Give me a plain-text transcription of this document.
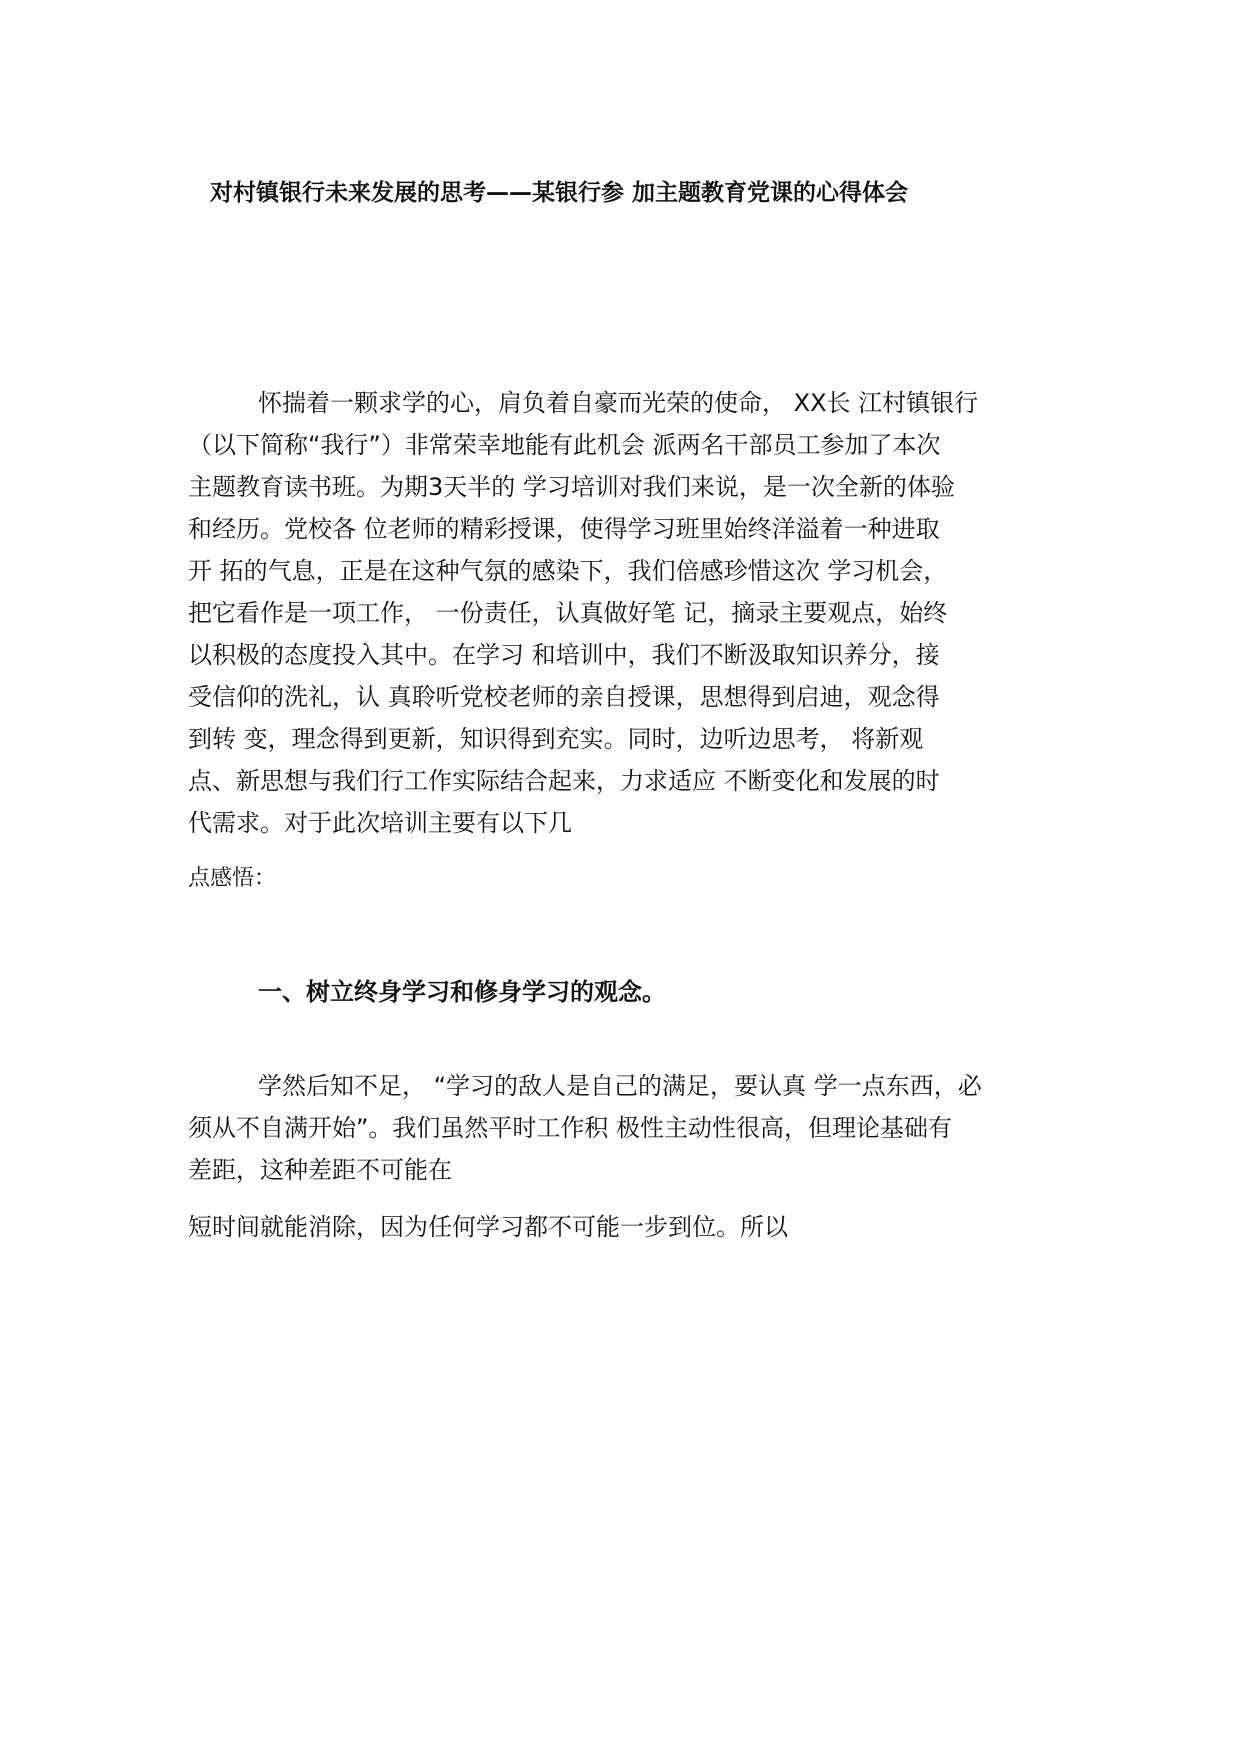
对村镇银行未来发展的思考——某银行参 加主题教育党课的心得体会
怀揣着一颗求学的心，肩负着自豪而光荣的使命， XX长 江村镇银行
（以下简称“我行”）非常荣幸地能有此机会 派两名干部员工参加了本次
主题教育读书班。为期3天半的 学习培训对我们来说，是一次全新的体验
和经历。党校各 位老师的精彩授课，使得学习班里始终洋溢着一种进取
开 拓的气息，正是在这种气氛的感染下，我们倍感珍惜这次 学习机会，
把它看作是一项工作， 一份责任，认真做好笔 记，摘录主要观点，始终
以积极的态度投入其中。在学习 和培训中，我们不断汲取知识养分，接
受信仰的洗礼，认 真聆听党校老师的亲自授课，思想得到启迪，观念得
到转 变，理念得到更新，知识得到充实。同时，边听边思考， 将新观
点、新思想与我们行工作实际结合起来，力求适应 不断变化和发展的时
代需求。对于此次培训主要有以下几
点感悟：
一、树立终身学习和修身学习的观念。
学然后知不足， “学习的敌人是自己的满足，要认真 学一点东西，必
须从不自满开始”。我们虽然平时工作积 极性主动性很高，但理论基础有
差距，这种差距不可能在
短时间就能消除，因为任何学习都不可能一步到位。所以
